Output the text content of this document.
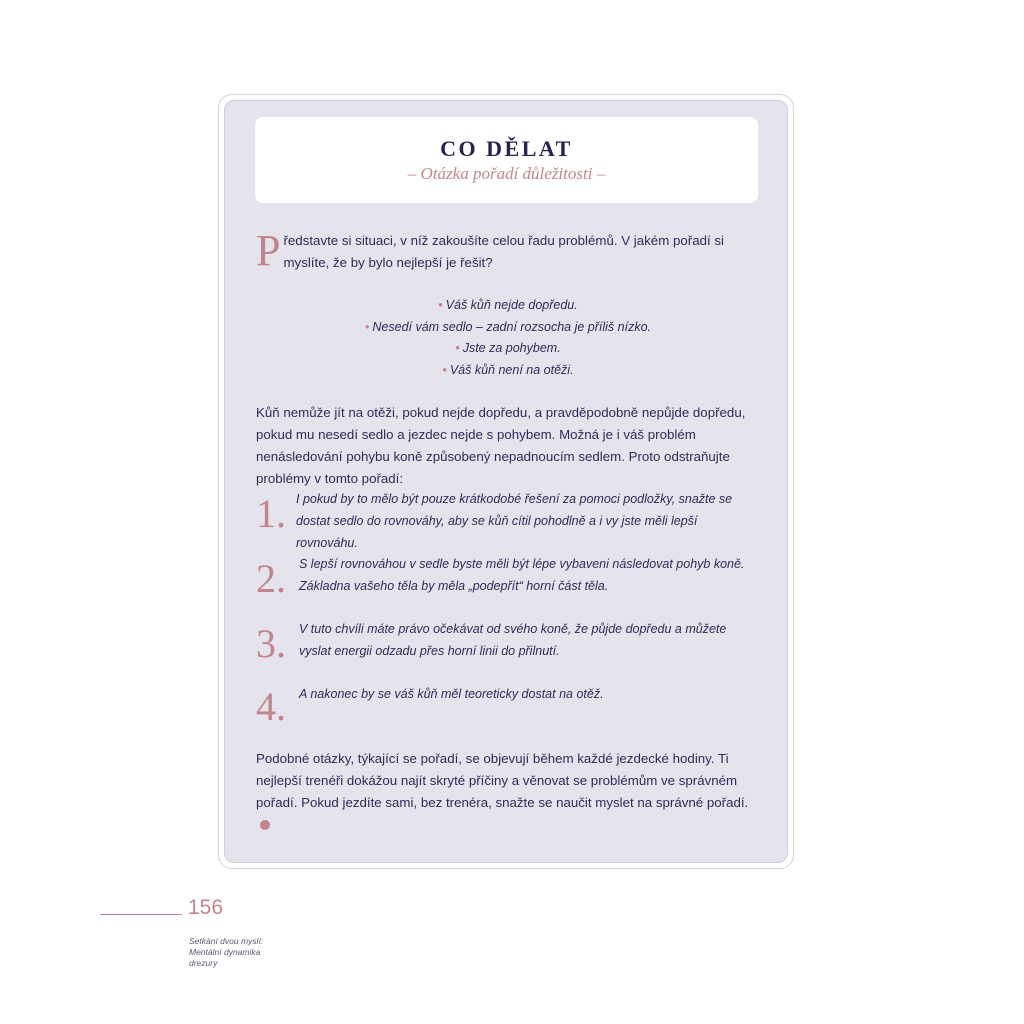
CO DĚLAT
– Otázka pořadí důležitosti –

Představte si situaci, v níž zakoušíte celou řadu problémů. V jakém pořadí si myslíte, že by bylo nejlepší je řešit?

• Váš kůň nejde dopředu.
• Nesedí vám sedlo – zadní rozsocha je příliš nízko.
• Jste za pohybem.
• Váš kůň není na otěži.

Kůň nemůže jít na otěži, pokud nejde dopředu, a pravděpodobně nepůjde dopředu, pokud mu nesedí sedlo a jezdec nejde s pohybem. Možná je i váš problém nenásledování pohybu koně způsobený nepadnoucím sedlem. Proto odstraňujte problémy v tomto pořadí:

1. I pokud by to mělo být pouze krátkodobé řešení za pomoci podložky, snažte se dostat sedlo do rovnováhy, aby se kůň cítil pohodlně a i vy jste měli lepší rovnováhu.

2. S lepší rovnováhou v sedle byste měli být lépe vybaveni následovat pohyb koně. Základna vašeho těla by měla „podepřít“ horní část těla.

3. V tuto chvíli máte právo očekávat od svého koně, že půjde dopředu a můžete vyslat energii odzadu přes horní linii do přilnutí.

4. A nakonec by se váš kůň měl teoreticky dostat na otěž.

Podobné otázky, týkající se pořadí, se objevují během každé jezdecké hodiny. Ti nejlepší trenéři dokážou najít skryté příčiny a věnovat se problémům ve správném pořadí. Pokud jezdíte sami, bez trenéra, snažte se naučit myslet na správné pořadí.

156
Setkání dvou myslí:
Mentální dynamika
drezury
